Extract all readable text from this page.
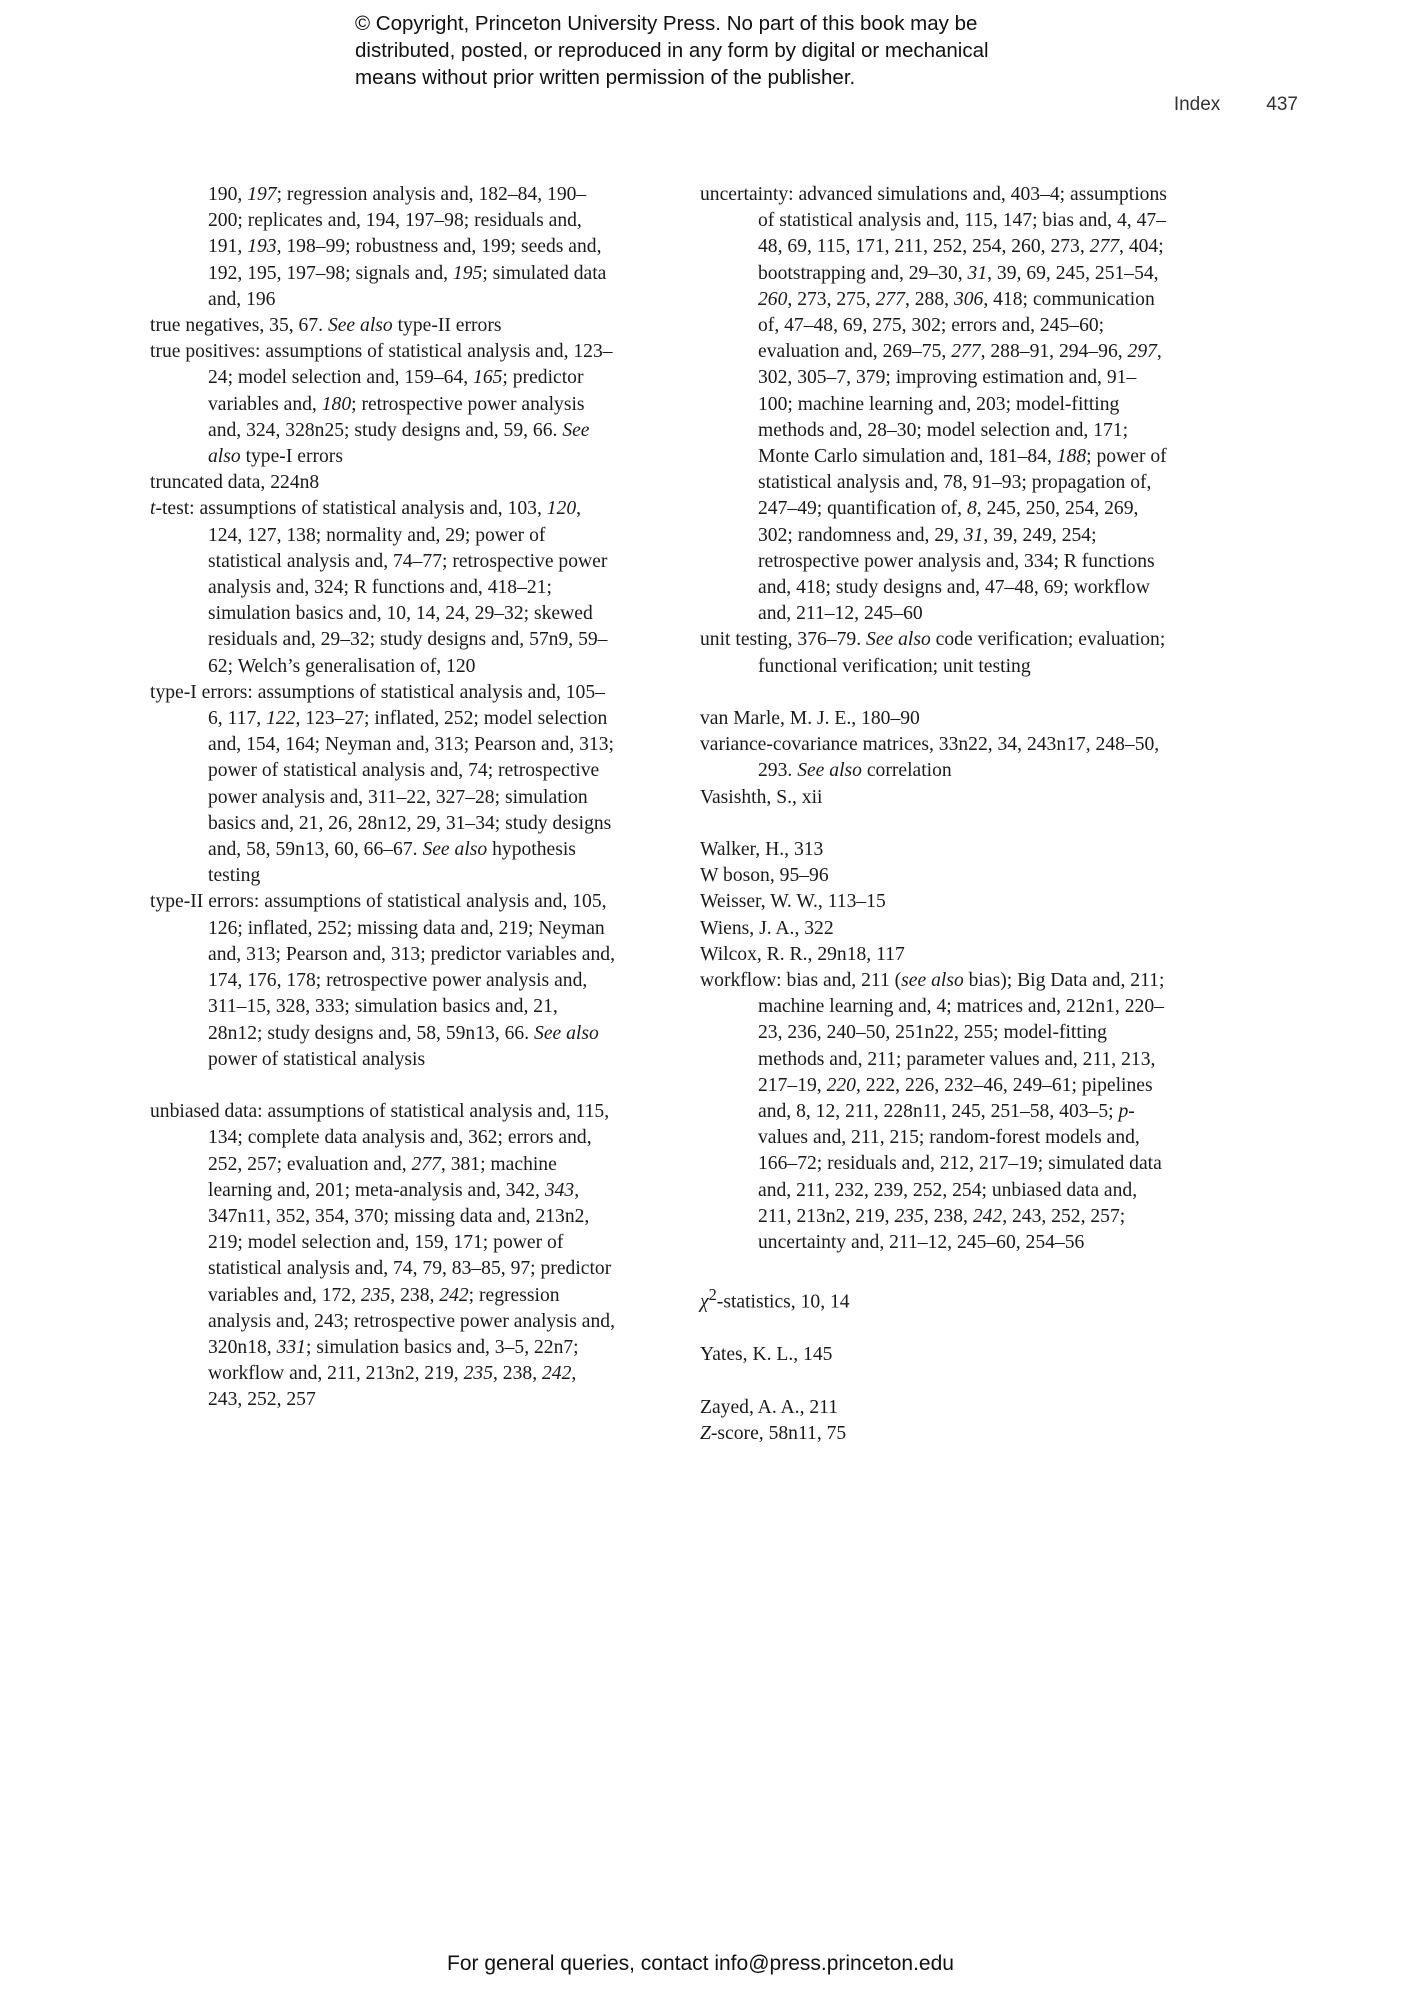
© Copyright, Princeton University Press. No part of this book may be
distributed, posted, or reproduced in any form by digital or mechanical
means without prior written permission of the publisher.
Index 437
190, 197; regression analysis and, 182–84, 190–200; replicates and, 194, 197–98; residuals and, 191, 193, 198–99; robustness and, 199; seeds and, 192, 195, 197–98; signals and, 195; simulated data and, 196
true negatives, 35, 67. See also type-II errors
true positives: assumptions of statistical analysis and, 123–24; model selection and, 159–64, 165; predictor variables and, 180; retrospective power analysis and, 324, 328n25; study designs and, 59, 66. See also type-I errors
truncated data, 224n8
t-test: assumptions of statistical analysis and, 103, 120, 124, 127, 138; normality and, 29; power of statistical analysis and, 74–77; retrospective power analysis and, 324; R functions and, 418–21; simulation basics and, 10, 14, 24, 29–32; skewed residuals and, 29–32; study designs and, 57n9, 59–62; Welch’s generalisation of, 120
type-I errors: assumptions of statistical analysis and, 105–6, 117, 122, 123–27; inflated, 252; model selection and, 154, 164; Neyman and, 313; Pearson and, 313; power of statistical analysis and, 74; retrospective power analysis and, 311–22, 327–28; simulation basics and, 21, 26, 28n12, 29, 31–34; study designs and, 58, 59n13, 60, 66–67. See also hypothesis testing
type-II errors: assumptions of statistical analysis and, 105, 126; inflated, 252; missing data and, 219; Neyman and, 313; Pearson and, 313; predictor variables and, 174, 176, 178; retrospective power analysis and, 311–15, 328, 333; simulation basics and, 21, 28n12; study designs and, 58, 59n13, 66. See also power of statistical analysis
unbiased data: assumptions of statistical analysis and, 115, 134; complete data analysis and, 362; errors and, 252, 257; evaluation and, 277, 381; machine learning and, 201; meta-analysis and, 342, 343, 347n11, 352, 354, 370; missing data and, 213n2, 219; model selection and, 159, 171; power of statistical analysis and, 74, 79, 83–85, 97; predictor variables and, 172, 235, 238, 242; regression analysis and, 243; retrospective power analysis and, 320n18, 331; simulation basics and, 3–5, 22n7; workflow and, 211, 213n2, 219, 235, 238, 242, 243, 252, 257
uncertainty: advanced simulations and, 403–4; assumptions of statistical analysis and, 115, 147; bias and, 4, 47–48, 69, 115, 171, 211, 252, 254, 260, 273, 277, 404; bootstrapping and, 29–30, 31, 39, 69, 245, 251–54, 260, 273, 275, 277, 288, 306, 418; communication of, 47–48, 69, 275, 302; errors and, 245–60; evaluation and, 269–75, 277, 288–91, 294–96, 297, 302, 305–7, 379; improving estimation and, 91–100; machine learning and, 203; model-fitting methods and, 28–30; model selection and, 171; Monte Carlo simulation and, 181–84, 188; power of statistical analysis and, 78, 91–93; propagation of, 247–49; quantification of, 8, 245, 250, 254, 269, 302; randomness and, 29, 31, 39, 249, 254; retrospective power analysis and, 334; R functions and, 418; study designs and, 47–48, 69; workflow and, 211–12, 245–60
unit testing, 376–79. See also code verification; evaluation; functional verification; unit testing
van Marle, M. J. E., 180–90
variance-covariance matrices, 33n22, 34, 243n17, 248–50, 293. See also correlation
Vasishth, S., xii
Walker, H., 313
W boson, 95–96
Weisser, W. W., 113–15
Wiens, J. A., 322
Wilcox, R. R., 29n18, 117
workflow: bias and, 211 (see also bias); Big Data and, 211; machine learning and, 4; matrices and, 212n1, 220–23, 236, 240–50, 251n22, 255; model-fitting methods and, 211; parameter values and, 211, 213, 217–19, 220, 222, 226, 232–46, 249–61; pipelines and, 8, 12, 211, 228n11, 245, 251–58, 403–5; p-values and, 211, 215; random-forest models and, 166–72; residuals and, 212, 217–19; simulated data and, 211, 232, 239, 252, 254; unbiased data and, 211, 213n2, 219, 235, 238, 242, 243, 252, 257; uncertainty and, 211–12, 245–60, 254–56
$\chi^2$-statistics, 10, 14
Yates, K. L., 145
Zayed, A. A., 211
Z-score, 58n11, 75
For general queries, contact info@press.princeton.edu
